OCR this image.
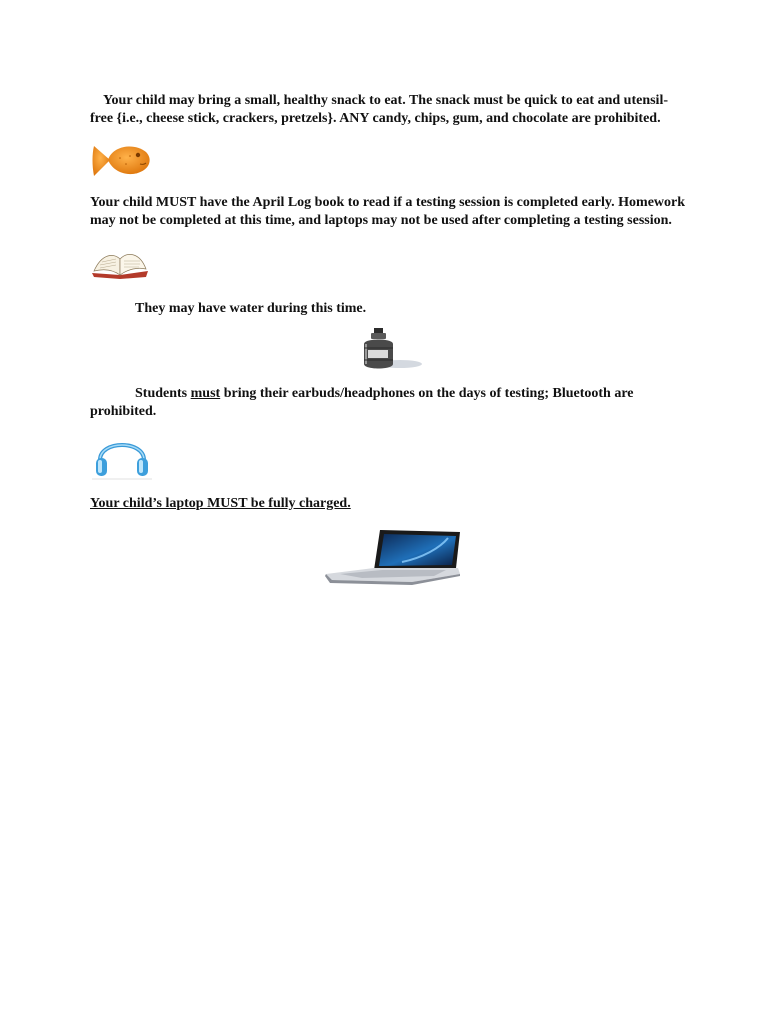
Your child may bring a small, healthy snack to eat. The snack must be quick to eat and utensil-free {i.e., cheese stick, crackers, pretzels}. ANY candy, chips, gum, and chocolate are prohibited.

Your child MUST have the April Log book to read if a testing session is completed early. Homework may not be completed at this time, and laptops may not be used after completing a testing session.

They may have water during this time.

Students must bring their earbuds/headphones on the days of testing; Bluetooth are prohibited.

Your child’s laptop MUST be fully charged.
